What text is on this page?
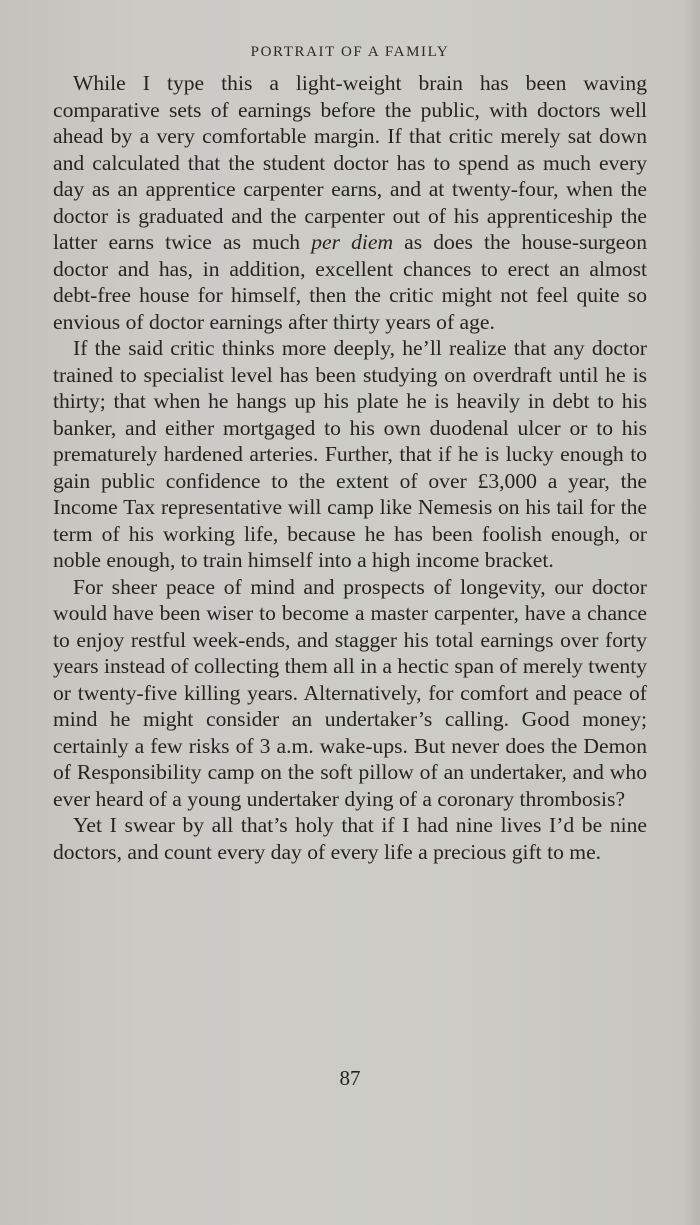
PORTRAIT OF A FAMILY

While I type this a light-weight brain has been waving comparative sets of earnings before the public, with doctors well ahead by a very comfortable margin. If that critic merely sat down and calculated that the student doctor has to spend as much every day as an apprentice carpenter earns, and at twenty-four, when the doctor is graduated and the carpenter out of his apprenticeship the latter earns twice as much per diem as does the house-surgeon doctor and has, in addition, excellent chances to erect an almost debt-free house for himself, then the critic might not feel quite so envious of doctor earnings after thirty years of age.

If the said critic thinks more deeply, he’ll realize that any doctor trained to specialist level has been studying on overdraft until he is thirty; that when he hangs up his plate he is heavily in debt to his banker, and either mortgaged to his own duodenal ulcer or to his prematurely hardened arteries. Further, that if he is lucky enough to gain public confidence to the extent of over £3,000 a year, the Income Tax representative will camp like Nemesis on his tail for the term of his working life, because he has been foolish enough, or noble enough, to train himself into a high income bracket.

For sheer peace of mind and prospects of longevity, our doctor would have been wiser to become a master carpenter, have a chance to enjoy restful week-ends, and stagger his total earnings over forty years instead of collecting them all in a hectic span of merely twenty or twenty-five killing years. Alternatively, for comfort and peace of mind he might consider an undertaker’s calling. Good money; certainly a few risks of 3 a.m. wake-ups. But never does the Demon of Responsibility camp on the soft pillow of an undertaker, and who ever heard of a young undertaker dying of a coronary thrombosis?

Yet I swear by all that’s holy that if I had nine lives I’d be nine doctors, and count every day of every life a precious gift to me.

87
